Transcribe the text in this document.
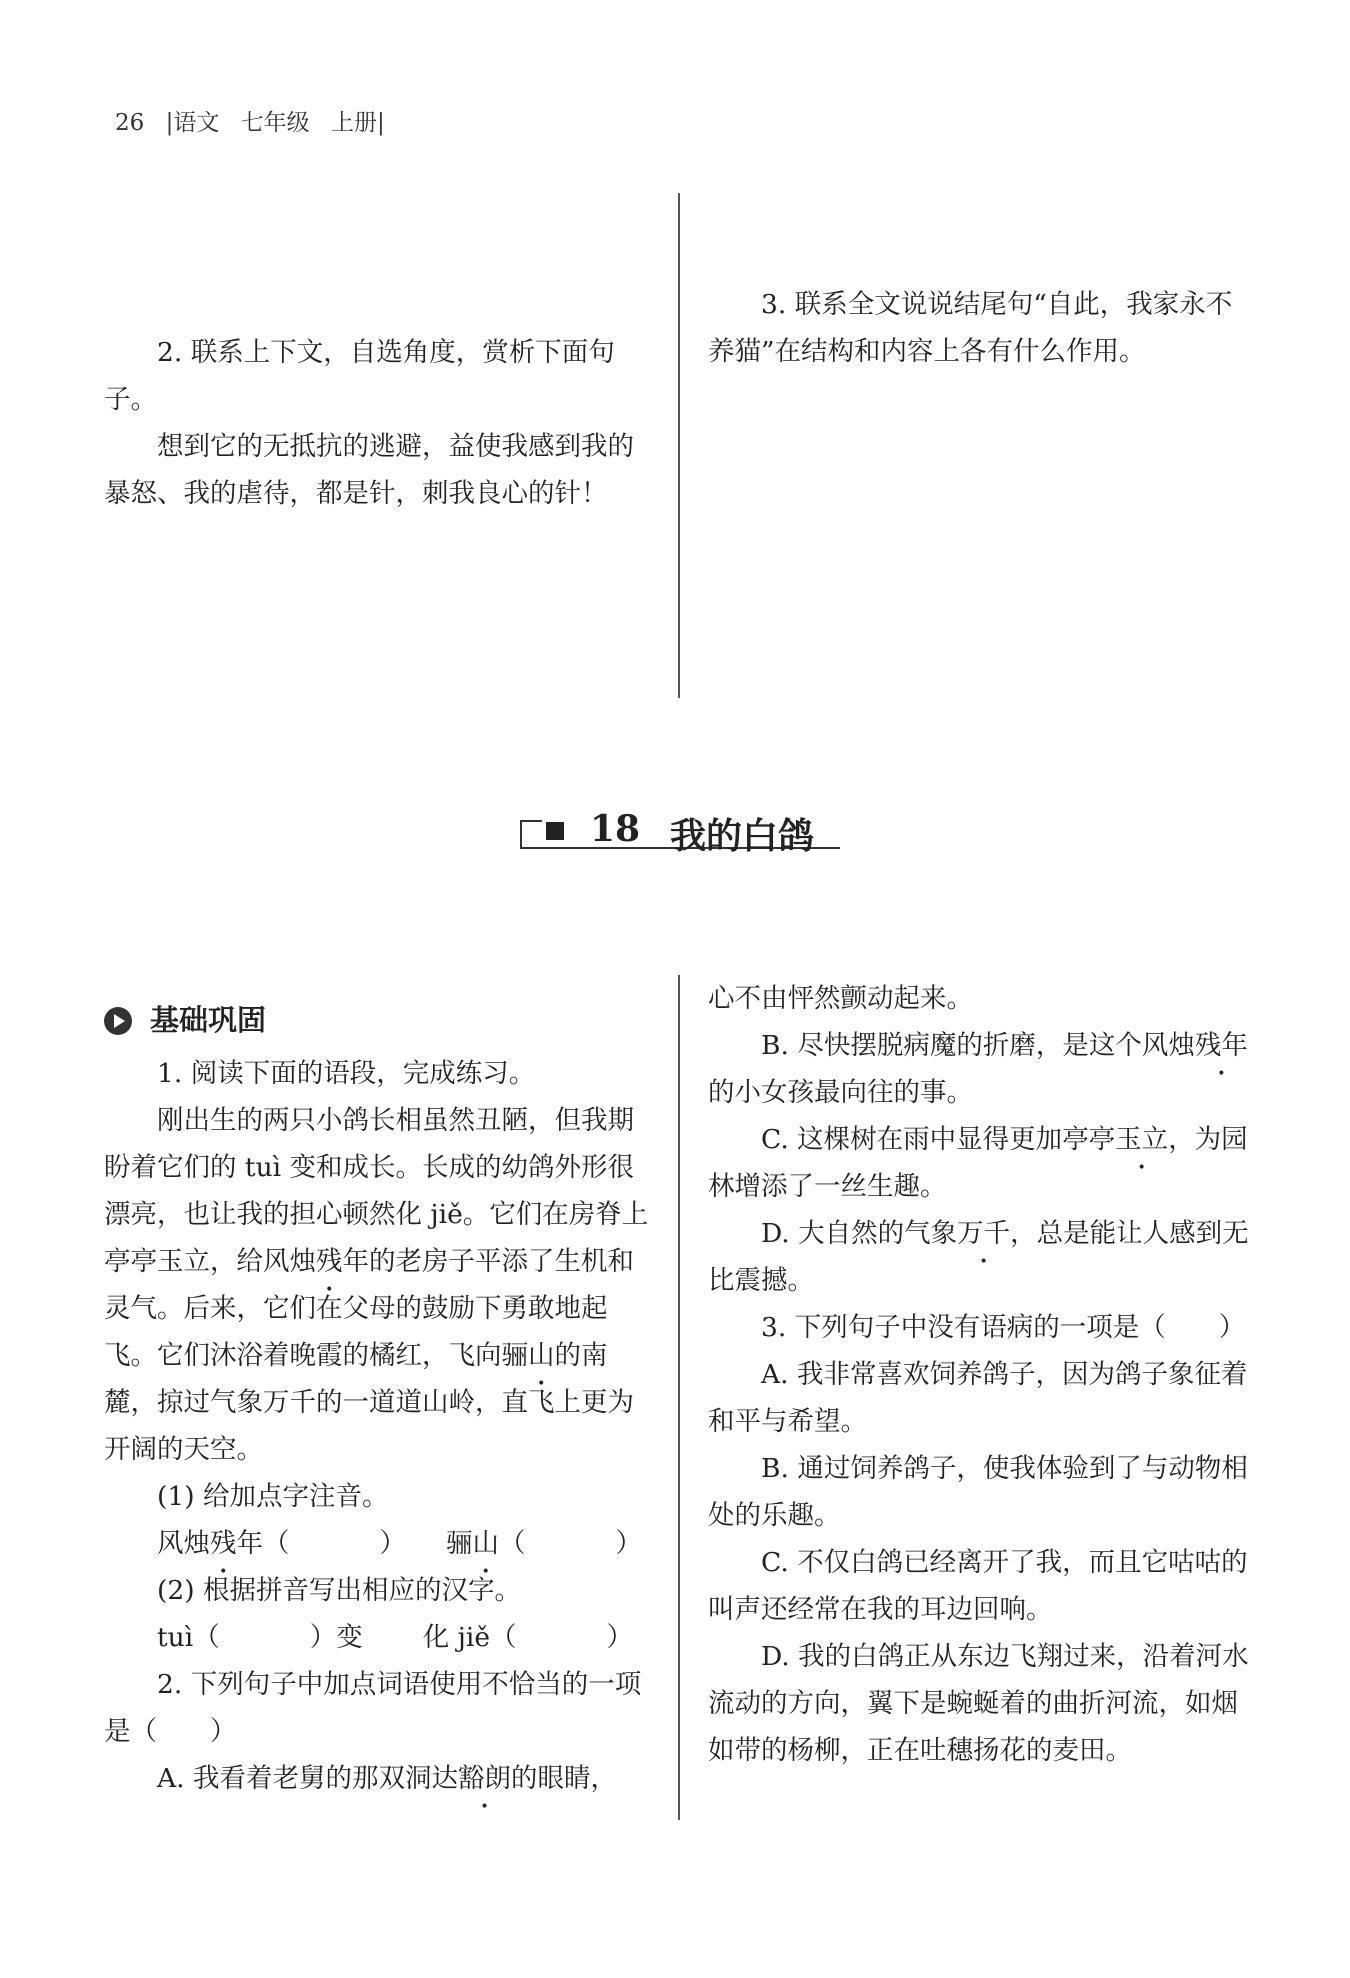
26 |语文 七年级 上册|

2. 联系上下文，自选角度，赏析下面句子。

想到它的无抵抗的逃避，益使我感到我的暴怒、我的虐待，都是针，刺我良心的针！

3. 联系全文说说结尾句“自此，我家永不养猫”在结构和内容上各有什么作用。

18 我的白鸽
基础巩固

1. 阅读下面的语段，完成练习。

刚出生的两只小鸽长相虽然丑陋，但我期盼着它们的 tuì 变和成长。长成的幼鸽外形很漂亮，也让我的担心顿然化 jiě。它们在房脊上亭亭玉立，给风烛残年的老房子平添了生机和灵气。后来，它们在父母的鼓励下勇敢地起飞。它们沐浴着晚霞的橘红，飞向骊山的南麓，掠过气象万千的一道道山岭，直飞上更为开阔的天空。

(1) 给加点字注音。

风烛残年（	） 骊山（	）

(2) 根据拼音写出相应的汉字。

tuì（	）变 化 jiě（	）

2. 下列句子中加点词语使用不恰当的一项是（　　）

A. 我看着老舅的那双洞达豁朗的眼睛，

心不由怦然颤动起来。

B. 尽快摆脱病魔的折磨，是这个风烛残年的小女孩最向往的事。

C. 这棵树在雨中显得更加亭亭玉立，为园林增添了一丝生趣。

D. 大自然的气象万千，总是能让人感到无比震撼。

3. 下列句子中没有语病的一项是（　　）

A. 我非常喜欢饲养鸽子，因为鸽子象征着和平与希望。

B. 通过饲养鸽子，使我体验到了与动物相处的乐趣。

C. 不仅白鸽已经离开了我，而且它咕咕的叫声还经常在我的耳边回响。

D. 我的白鸽正从东边飞翔过来，沿着河水流动的方向，翼下是蜿蜒着的曲折河流，如烟如带的杨柳，正在吐穗扬花的麦田。
